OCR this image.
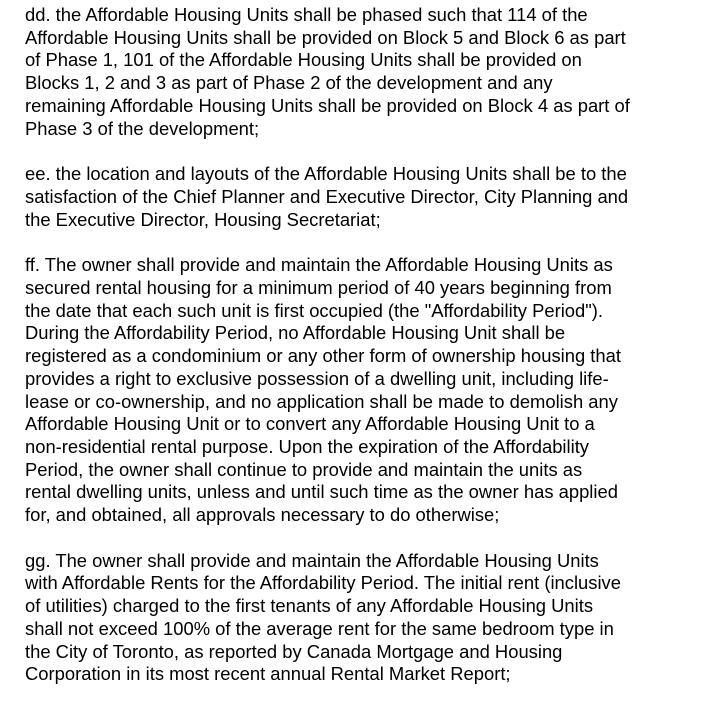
dd. the Affordable Housing Units shall be phased such that 114 of the
Affordable Housing Units shall be provided on Block 5 and Block 6 as part
of Phase 1, 101 of the Affordable Housing Units shall be provided on
Blocks 1, 2 and 3 as part of Phase 2 of the development and any
remaining Affordable Housing Units shall be provided on Block 4 as part of
Phase 3 of the development;
ee. the location and layouts of the Affordable Housing Units shall be to the
satisfaction of the Chief Planner and Executive Director, City Planning and
the Executive Director, Housing Secretariat;
ff. The owner shall provide and maintain the Affordable Housing Units as
secured rental housing for a minimum period of 40 years beginning from
the date that each such unit is first occupied (the "Affordability Period").
During the Affordability Period, no Affordable Housing Unit shall be
registered as a condominium or any other form of ownership housing that
provides a right to exclusive possession of a dwelling unit, including life-
lease or co-ownership, and no application shall be made to demolish any
Affordable Housing Unit or to convert any Affordable Housing Unit to a
non-residential rental purpose. Upon the expiration of the Affordability
Period, the owner shall continue to provide and maintain the units as
rental dwelling units, unless and until such time as the owner has applied
for, and obtained, all approvals necessary to do otherwise;
gg. The owner shall provide and maintain the Affordable Housing Units
with Affordable Rents for the Affordability Period. The initial rent (inclusive
of utilities) charged to the first tenants of any Affordable Housing Units
shall not exceed 100% of the average rent for the same bedroom type in
the City of Toronto, as reported by Canada Mortgage and Housing
Corporation in its most recent annual Rental Market Report;
